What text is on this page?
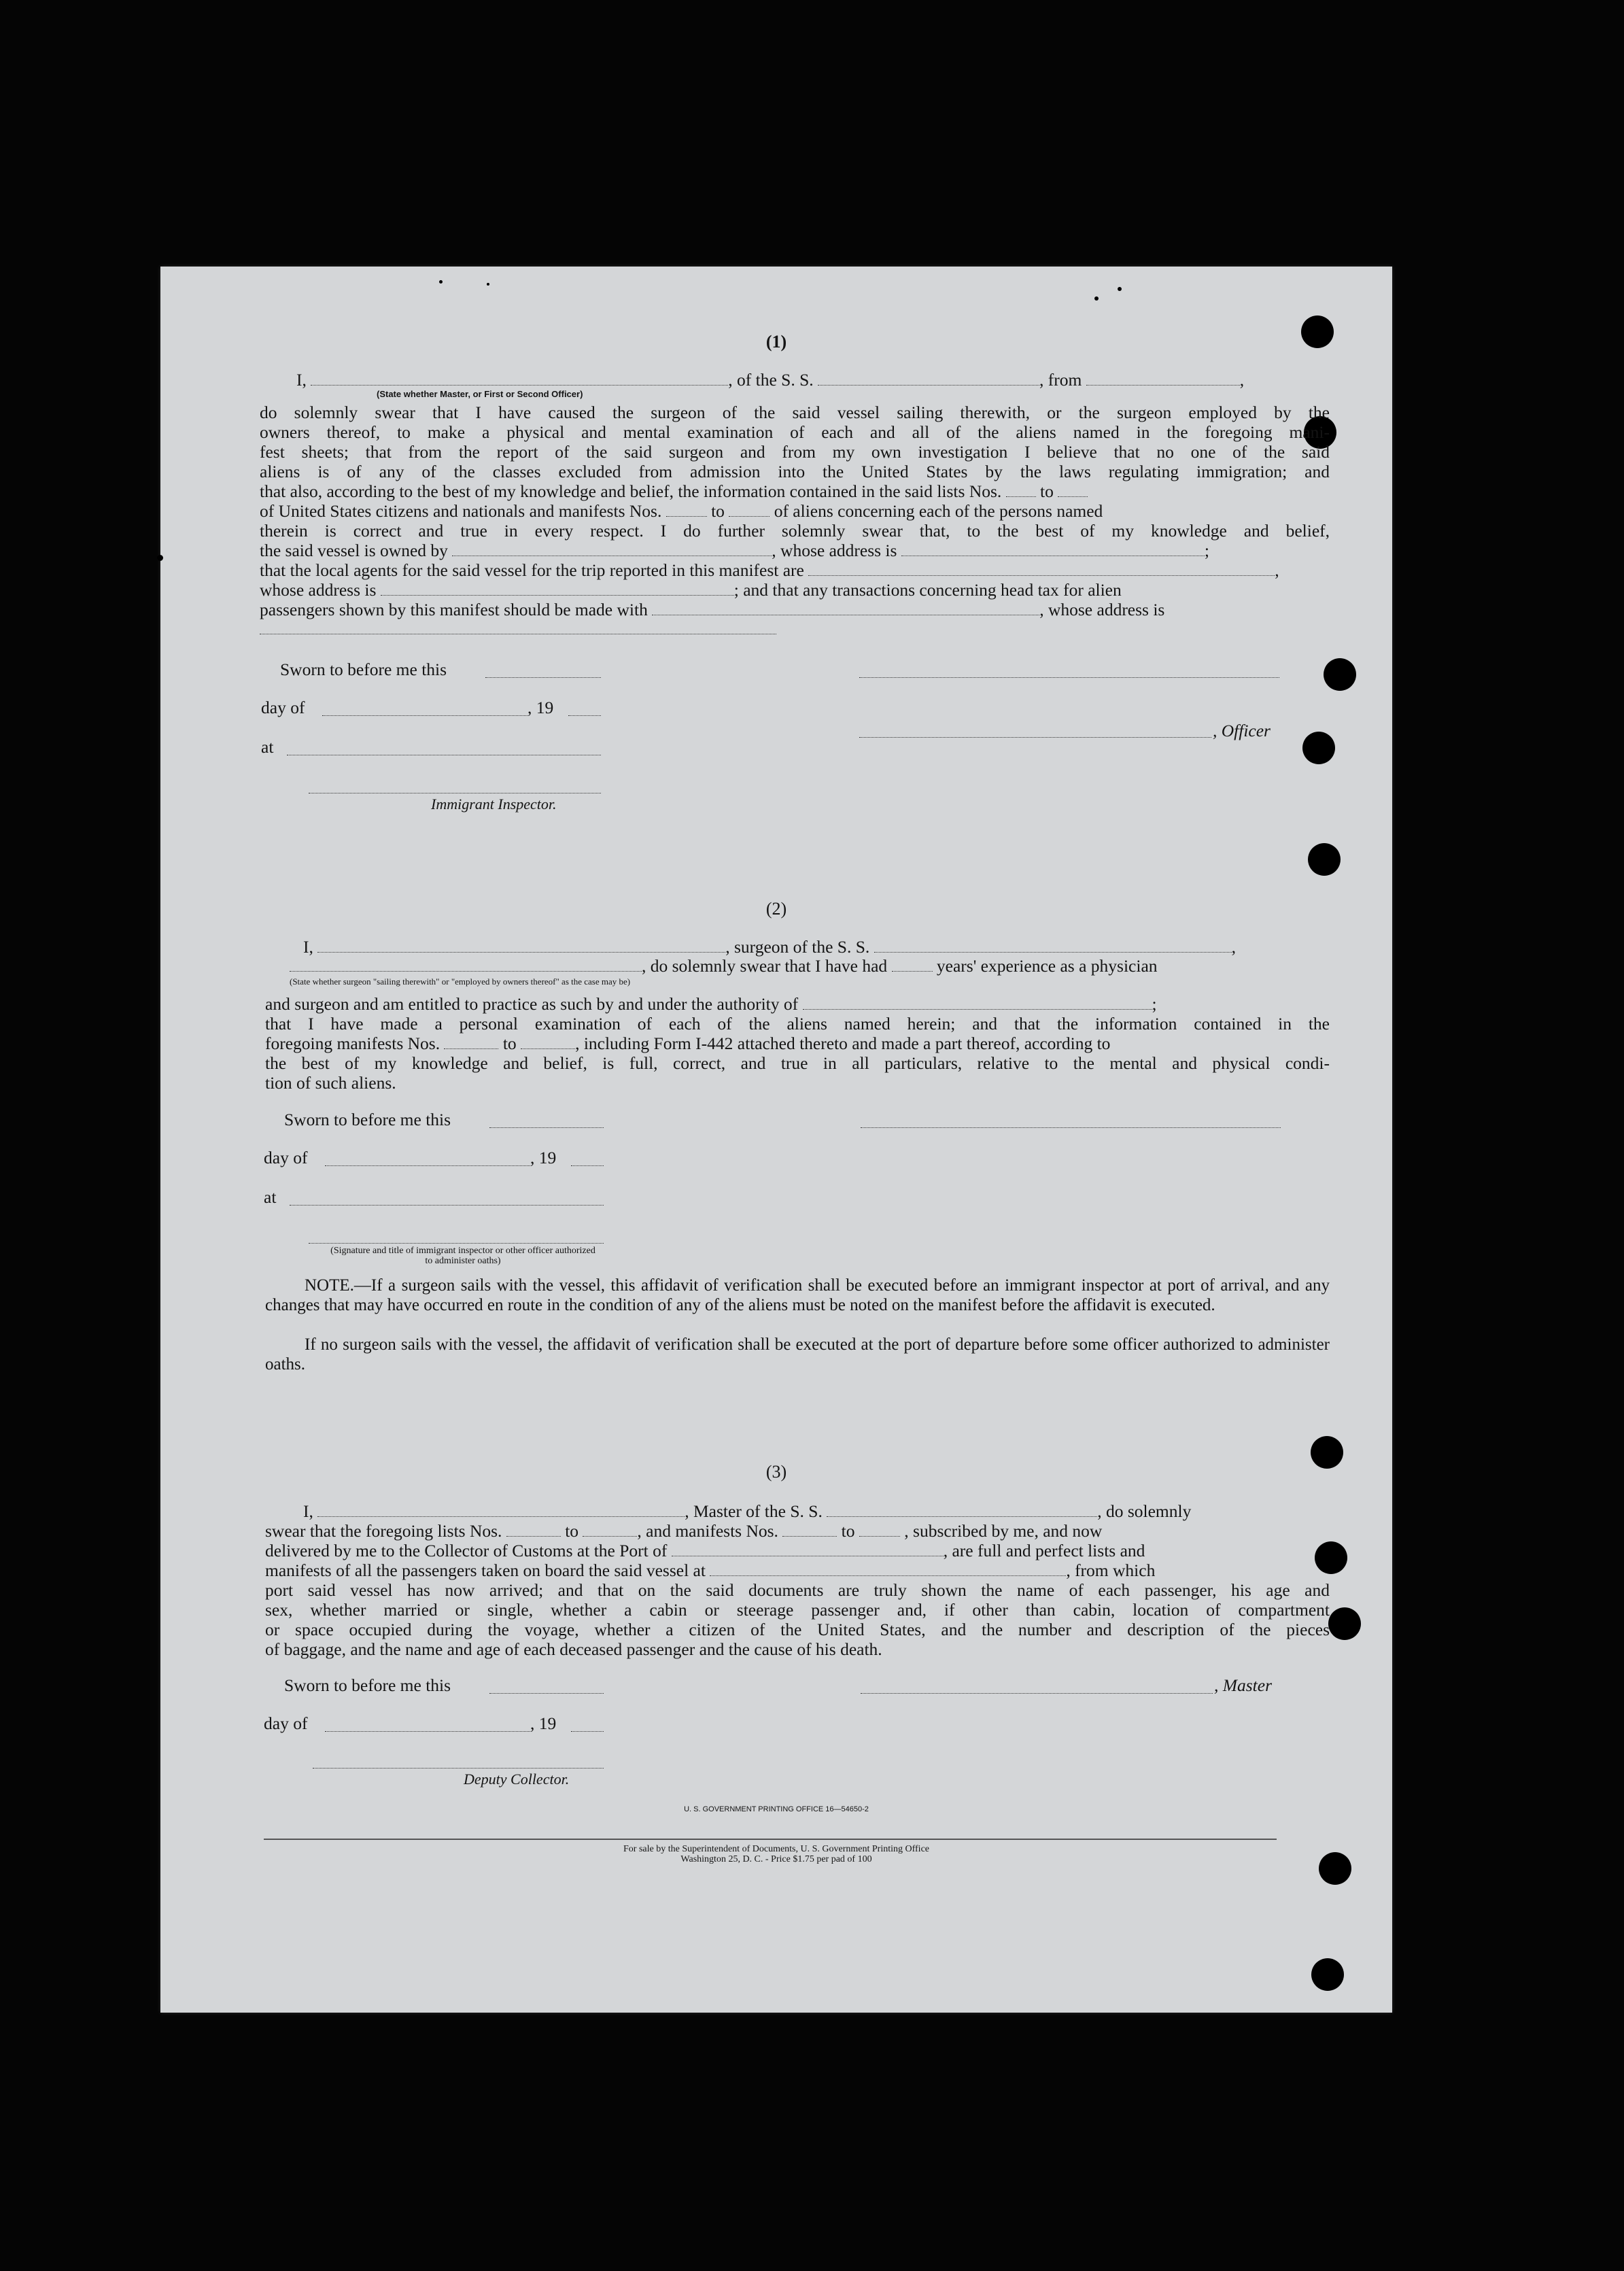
(1)
I,	, of the S. S.	, from	,
(State whether Master, or First or Second Officer)
do solemnly swear that I have caused the surgeon of the said vessel sailing therewith, or the surgeon employed by the
owners thereof, to make a physical and mental examination of each and all of the aliens named in the foregoing mani-
fest sheets; that from the report of the said surgeon and from my own investigation I believe that no one of the said
aliens is of any of the classes excluded from admission into the United States by the laws regulating immigration; and
that also, according to the best of my knowledge and belief, the information contained in the said lists Nos. to
of United States citizens and nationals and manifests Nos.	to	of aliens concerning each of the persons named
therein is correct and true in every respect. I do further solemnly swear that, to the best of my knowledge and belief,
the said vessel is owned by	, whose address is	;
that the local agents for the said vessel for the trip reported in this manifest are	,
whose address is	; and that any transactions concerning head tax for alien
passengers shown by this manifest should be made with	, whose address is
Sworn to before me this
day of	, 19
, Officer
at
Immigrant Inspector.
(2)
I,	, surgeon of the S. S.	,
, do solemnly swear that I have had	years' experience as a physician
(State whether surgeon "sailing therewith" or "employed by owners thereof" as the case may be)
and surgeon and am entitled to practice as such by and under the authority of	;
that I have made a personal examination of each of the aliens named herein; and that the information contained in the
foregoing manifests Nos.	to	, including Form I-442 attached thereto and made a part thereof, according to
the best of my knowledge and belief, is full, correct, and true in all particulars, relative to the mental and physical condi-
tion of such aliens.
Sworn to before me this
day of	, 19
at
(Signature and title of immigrant inspector or other officer authorized to administer oaths)
NOTE.—If a surgeon sails with the vessel, this affidavit of verification shall be executed before an immigrant inspector at port of arrival, and any changes that may have occurred en route in the condition of any of the aliens must be noted on the manifest before the affidavit is executed.
If no surgeon sails with the vessel, the affidavit of verification shall be executed at the port of departure before some officer authorized to administer oaths.
(3)
I,	, Master of the S. S.	, do solemnly
swear that the foregoing lists Nos.	to	, and manifests Nos.	to	, subscribed by me, and now
delivered by me to the Collector of Customs at the Port of	, are full and perfect lists and
manifests of all the passengers taken on board the said vessel at	, from which
port said vessel has now arrived; and that on the said documents are truly shown the name of each passenger, his age and
sex, whether married or single, whether a cabin or steerage passenger and, if other than cabin, location of compartment
or space occupied during the voyage, whether a citizen of the United States, and the number and description of the pieces
of baggage, and the name and age of each deceased passenger and the cause of his death.
Sworn to before me this	, Master
day of	, 19
Deputy Collector.
U. S. GOVERNMENT PRINTING OFFICE 16—54650-2
For sale by the Superintendent of Documents, U. S. Government Printing Office
Washington 25, D. C. - Price $1.75 per pad of 100
